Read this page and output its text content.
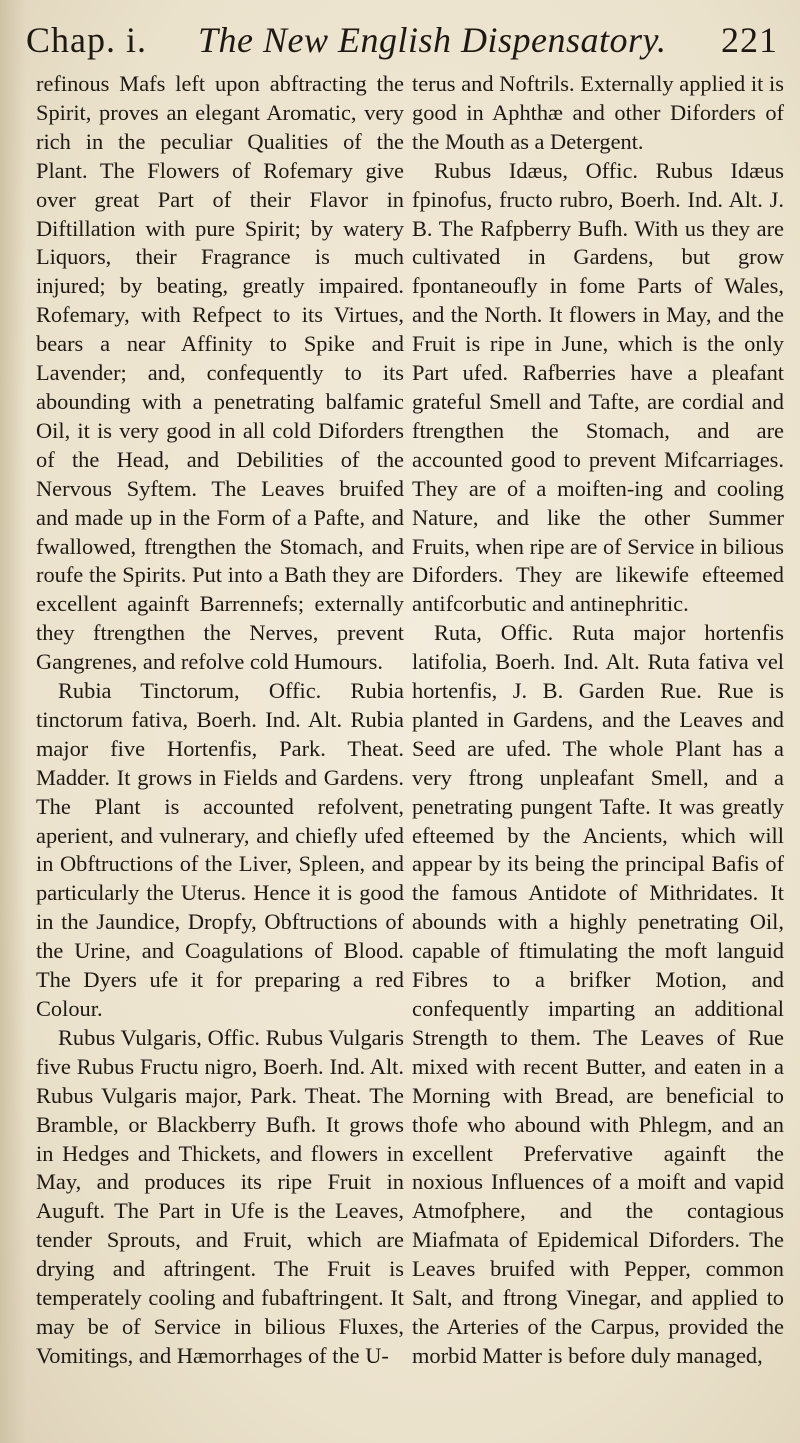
Chap. i. The New English Dispensatory. 221

refinous Mafs left upon abftracting the Spirit, proves an elegant Aromatic, very rich in the peculiar Qualities of the Plant. The Flowers of Rofemary give over great Part of their Flavor in Diftillation with pure Spirit; by watery Liquors, their Fragrance is much injured; by beating, greatly impaired. Rofemary, with Refpect to its Virtues, bears a near Affinity to Spike and Lavender; and, confequently to its abounding with a penetrating balfamic Oil, it is very good in all cold Diforders of the Head, and Debilities of the Nervous Syftem. The Leaves bruifed and made up in the Form of a Pafte, and fwallowed, ftrengthen the Stomach, and roufe the Spirits. Put into a Bath they are excellent againft Barrennefs; externally they ftrengthen the Nerves, prevent Gangrenes, and refolve cold Humours.

Rubia Tinctorum, Offic. Rubia tinctorum fativa, Boerh. Ind. Alt. Rubia major five Hortenfis, Park. Theat. Madder. It grows in Fields and Gardens. The Plant is accounted refolvent, aperient, and vulnerary, and chiefly ufed in Obftructions of the Liver, Spleen, and particularly the Uterus. Hence it is good in the Jaundice, Dropfy, Obftructions of the Urine, and Coagulations of Blood. The Dyers ufe it for preparing a red Colour.

Rubus Vulgaris, Offic. Rubus Vulgaris five Rubus Fructu nigro, Boerh. Ind. Alt. Rubus Vulgaris major, Park. Theat. The Bramble, or Blackberry Bufh. It grows in Hedges and Thickets, and flowers in May, and produces its ripe Fruit in Auguft. The Part in Ufe is the Leaves, tender Sprouts, and Fruit, which are drying and aftringent. The Fruit is temperately cooling and fubaftringent. It may be of Service in bilious Fluxes, Vomitings, and Hæmorrhages of the U-

terus and Noftrils. Externally applied it is good in Aphthæ and other Diforders of the Mouth as a Detergent.

Rubus Idæus, Offic. Rubus Idæus fpinofus, fructo rubro, Boerh. Ind. Alt. J. B. The Rafpberry Bufh. With us they are cultivated in Gardens, but grow fpontaneoufly in fome Parts of Wales, and the North. It flowers in May, and the Fruit is ripe in June, which is the only Part ufed. Rafberries have a pleafant grateful Smell and Tafte, are cordial and ftrengthen the Stomach, and are accounted good to prevent Mifcarriages. They are of a moiften-ing and cooling Nature, and like the other Summer Fruits, when ripe are of Service in bilious Diforders. They are likewife efteemed antifcorbutic and antinephritic.

Ruta, Offic. Ruta major hortenfis latifolia, Boerh. Ind. Alt. Ruta fativa vel hortenfis, J. B. Garden Rue. Rue is planted in Gardens, and the Leaves and Seed are ufed. The whole Plant has a very ftrong unpleafant Smell, and a penetrating pungent Tafte. It was greatly efteemed by the Ancients, which will appear by its being the principal Bafis of the famous Antidote of Mithridates. It abounds with a highly penetrating Oil, capable of ftimulating the moft languid Fibres to a brifker Motion, and confequently imparting an additional Strength to them. The Leaves of Rue mixed with recent Butter, and eaten in a Morning with Bread, are beneficial to thofe who abound with Phlegm, and an excellent Prefervative againft the noxious Influences of a moift and vapid Atmofphere, and the contagious Miafmata of Epidemical Diforders. The Leaves bruifed with Pepper, common Salt, and ftrong Vinegar, and applied to the Arteries of the Carpus, provided the morbid Matter is before duly managed,
